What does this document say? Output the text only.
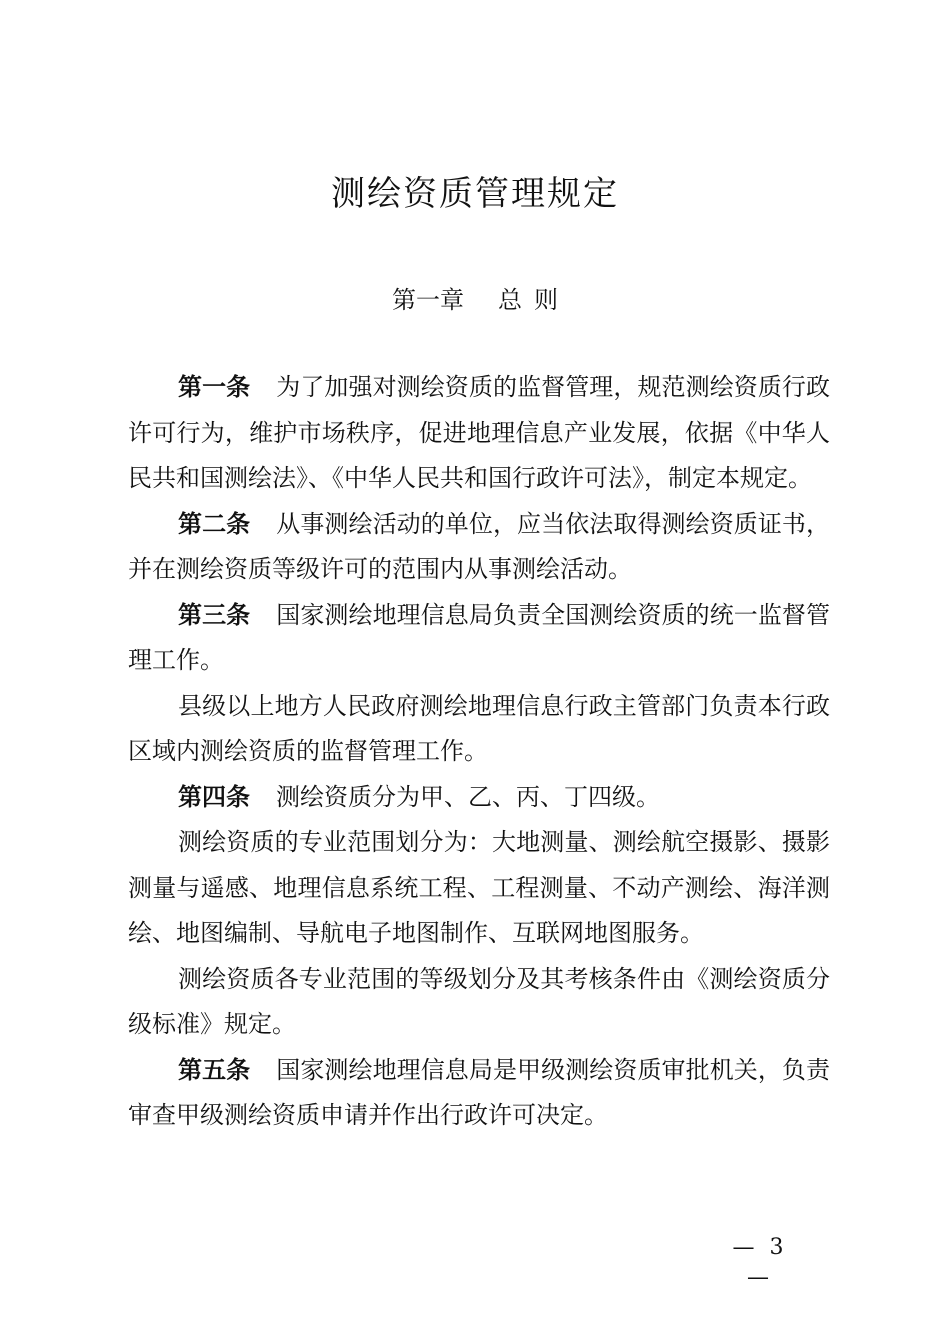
测绘资质管理规定
第一章 总 则

第一条 为了加强对测绘资质的监督管理，规范测绘资质行政许可行为，维护市场秩序，促进地理信息产业发展，依据《中华人民共和国测绘法》、《中华人民共和国行政许可法》，制定本规定。

第二条 从事测绘活动的单位，应当依法取得测绘资质证书，并在测绘资质等级许可的范围内从事测绘活动。

第三条 国家测绘地理信息局负责全国测绘资质的统一监督管理工作。

县级以上地方人民政府测绘地理信息行政主管部门负责本行政区域内测绘资质的监督管理工作。

第四条 测绘资质分为甲、乙、丙、丁四级。

测绘资质的专业范围划分为：大地测量、测绘航空摄影、摄影测量与遥感、地理信息系统工程、工程测量、不动产测绘、海洋测绘、地图编制、导航电子地图制作、互联网地图服务。

测绘资质各专业范围的等级划分及其考核条件由《测绘资质分级标准》规定。

第五条 国家测绘地理信息局是甲级测绘资质审批机关，负责审查甲级测绘资质申请并作出行政许可决定。

— 3 —
